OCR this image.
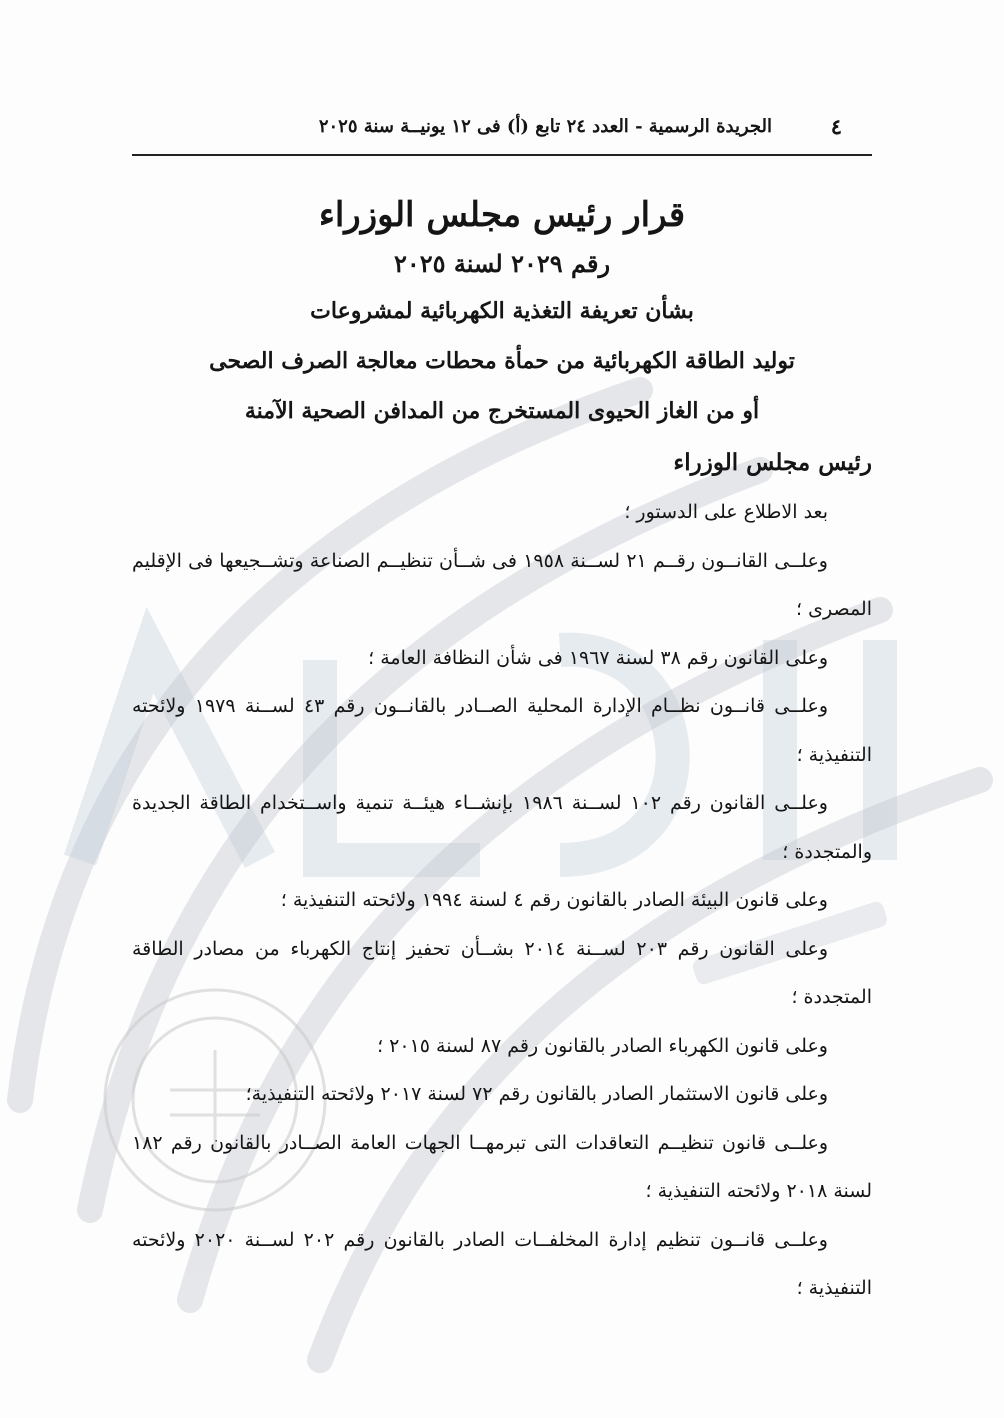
٤
الجريدة الرسمية - العدد ٢٤ تابع (أ) فى ١٢ يونيــة سنة ٢٠٢٥
قرار رئيس مجلس الوزراء
رقم ٢٠٢٩ لسنة ٢٠٢٥
بشأن تعريفة التغذية الكهربائية لمشروعات
توليد الطاقة الكهربائية من حمأة محطات معالجة الصرف الصحى
أو من الغاز الحيوى المستخرج من المدافن الصحية الآمنة
رئيس مجلس الوزراء
بعد الاطلاع على الدستور ؛
وعلــى القانــون رقــم ٢١ لســنة ١٩٥٨ فى شــأن تنظيــم الصناعة وتشــجيعها فى الإقليم المصرى ؛
وعلى القانون رقم ٣٨ لسنة ١٩٦٧ فى شأن النظافة العامة ؛
وعلــى قانــون نظــام الإدارة المحلية الصــادر بالقانــون رقم ٤٣ لســنة ١٩٧٩ ولائحته التنفيذية ؛
وعلــى القانون رقم ١٠٢ لســنة ١٩٨٦ بإنشــاء هيئــة تنمية واســتخدام الطاقة الجديدة والمتجددة ؛
وعلى قانون البيئة الصادر بالقانون رقم ٤ لسنة ١٩٩٤ ولائحته التنفيذية ؛
وعلى القانون رقم ٢٠٣ لســنة ٢٠١٤ بشــأن تحفيز إنتاج الكهرباء من مصادر الطاقة المتجددة ؛
وعلى قانون الكهرباء الصادر بالقانون رقم ٨٧ لسنة ٢٠١٥ ؛
وعلى قانون الاستثمار الصادر بالقانون رقم ٧٢ لسنة ٢٠١٧ ولائحته التنفيذية؛
وعلــى قانون تنظيــم التعاقدات التى تبرمهــا الجهات العامة الصــادر بالقانون رقم ١٨٢ لسنة ٢٠١٨ ولائحته التنفيذية ؛
وعلــى قانــون تنظيم إدارة المخلفــات الصادر بالقانون رقم ٢٠٢ لســنة ٢٠٢٠ ولائحته التنفيذية ؛
